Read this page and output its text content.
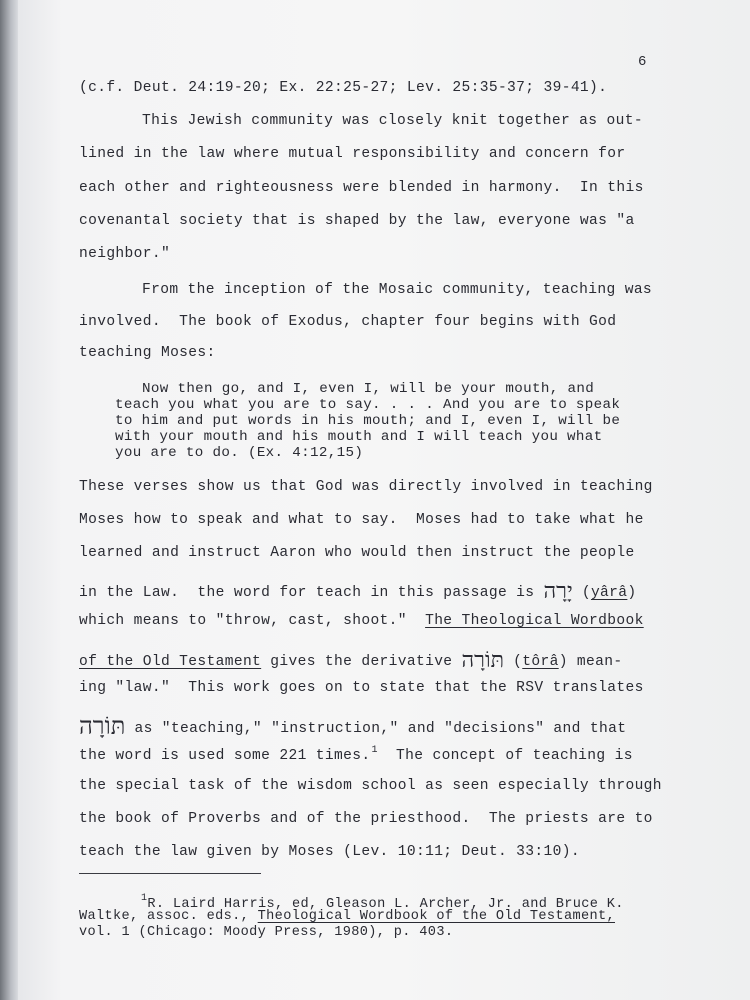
6

(c.f. Deut. 24:19-20; Ex. 22:25-27; Lev. 25:35-37; 39-41).

This Jewish community was closely knit together as out-

lined in the law where mutual responsibility and concern for

each other and righteousness were blended in harmony.  In this

covenantal society that is shaped by the law, everyone was "a

neighbor."

From the inception of the Mosaic community, teaching was

involved.  The book of Exodus, chapter four begins with God

teaching Moses:

Now then go, and I, even I, will be your mouth, and

teach you what you are to say. . . . And you are to speak

to him and put words in his mouth; and I, even I, will be

with your mouth and his mouth and I will teach you what

you are to do. (Ex. 4:12,15)

These verses show us that God was directly involved in teaching

Moses how to speak and what to say.  Moses had to take what he

learned and instruct Aaron who would then instruct the people

in the Law.  the word for teach in this passage is יָרָה (yârâ)

which means to "throw, cast, shoot."  The Theological Wordbook

of the Old Testament gives the derivative תּוֹרָה (tôrâ) mean-

ing "law."  This work goes on to state that the RSV translates

תּוֹרָה as "teaching," "instruction," and "decisions" and that

the word is used some 221 times.$^1$  The concept of teaching is

the special task of the wisdom school as seen especially through

the book of Proverbs and of the priesthood.  The priests are to

teach the law given by Moses (Lev. 10:11; Deut. 33:10).

$^1$R. Laird Harris, ed, Gleason L. Archer, Jr. and Bruce K.

Waltke, assoc. eds., Theological Wordbook of the Old Testament,

vol. 1 (Chicago: Moody Press, 1980), p. 403.
